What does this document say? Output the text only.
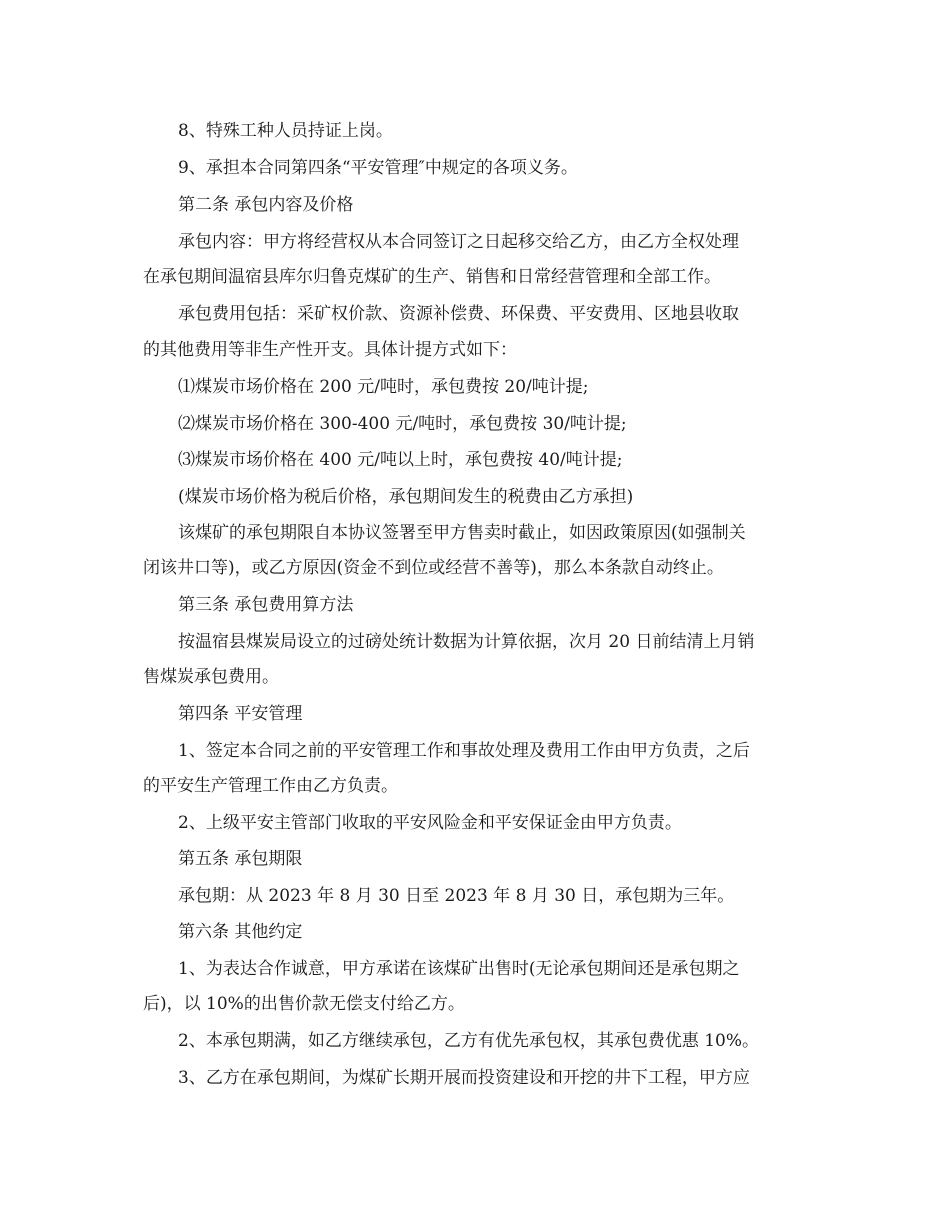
8、特殊工种人员持证上岗。
9、承担本合同第四条“平安管理″中规定的各项义务。
第二条 承包内容及价格
承包内容：甲方将经营权从本合同签订之日起移交给乙方，由乙方全权处理
在承包期间温宿县库尔归鲁克煤矿的生产、销售和日常经营管理和全部工作。
承包费用包括：采矿权价款、资源补偿费、环保费、平安费用、区地县收取
的其他费用等非生产性开支。具体计提方式如下：
⑴煤炭市场价格在 200 元/吨时，承包费按 20/吨计提;
⑵煤炭市场价格在 300-400 元/吨时，承包费按 30/吨计提;
⑶煤炭市场价格在 400 元/吨以上时，承包费按 40/吨计提;
(煤炭市场价格为税后价格，承包期间发生的税费由乙方承担)
该煤矿的承包期限自本协议签署至甲方售卖时截止，如因政策原因(如强制关
闭该井口等)，或乙方原因(资金不到位或经营不善等)，那么本条款自动终止。
第三条 承包费用算方法
按温宿县煤炭局设立的过磅处统计数据为计算依据，次月 20 日前结清上月销
售煤炭承包费用。
第四条 平安管理
1、签定本合同之前的平安管理工作和事故处理及费用工作由甲方负责，之后
的平安生产管理工作由乙方负责。
2、上级平安主管部门收取的平安风险金和平安保证金由甲方负责。
第五条 承包期限
承包期：从 2023 年 8 月 30 日至 2023 年 8 月 30 日，承包期为三年。
第六条 其他约定
1、为表达合作诚意，甲方承诺在该煤矿出售时(无论承包期间还是承包期之
后)，以 10%的出售价款无偿支付给乙方。
2、本承包期满，如乙方继续承包，乙方有优先承包权，其承包费优惠 10%。
3、乙方在承包期间，为煤矿长期开展而投资建设和开挖的井下工程，甲方应
